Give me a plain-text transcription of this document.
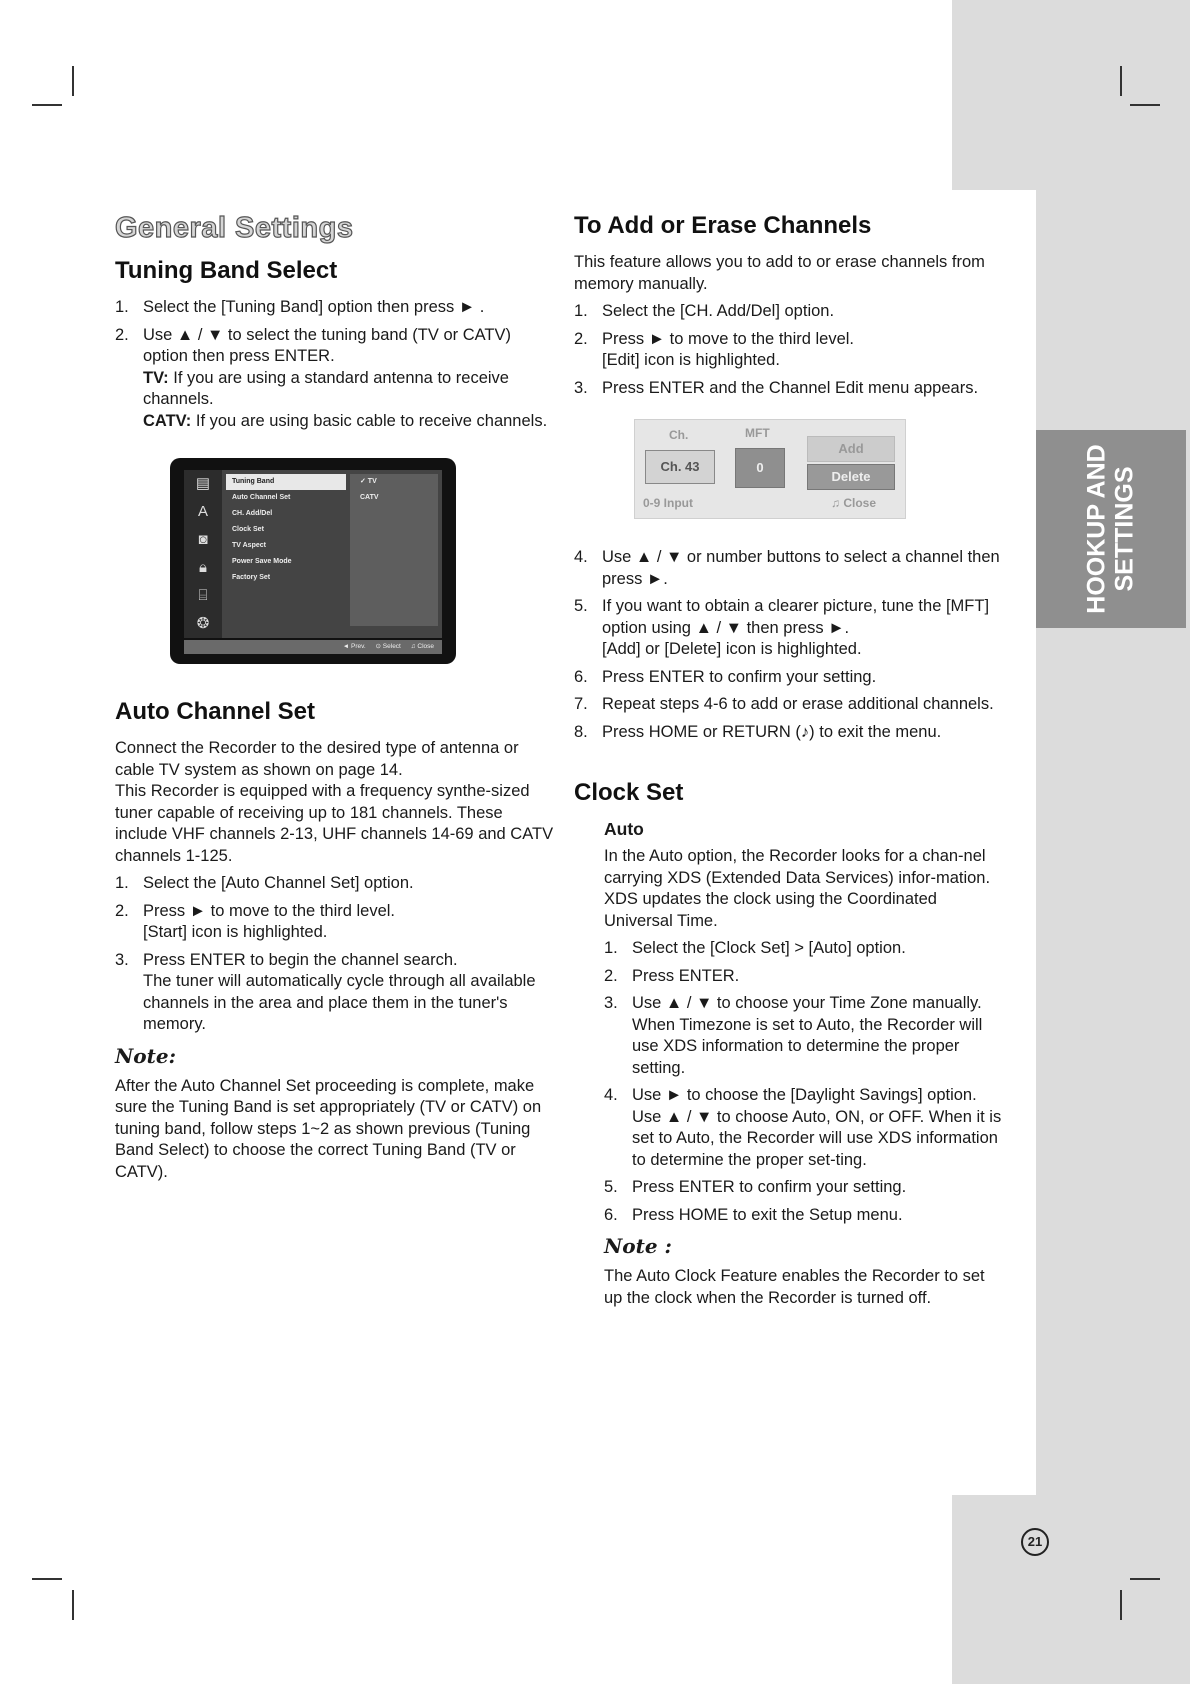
HOOKUP AND SETTINGS
General Settings
Tuning Band Select
1. Select the [Tuning Band] option then press ► .
2. Use ▲ / ▼ to select the tuning band (TV or CATV) option then press ENTER.
TV: If you are using a standard antenna to receive channels.
CATV: If you are using basic cable to receive channels.
▤
A
◙
🔒︎
⌸
❂
Tuning Band
Auto Channel Set
CH. Add/Del
Clock Set
TV Aspect
Power Save Mode
Factory Set
✓ TV
CATV
◄ Prev. ⊙ Select ♫ Close
Auto Channel Set

Connect the Recorder to the desired type of antenna or cable TV system as shown on page 14.

This Recorder is equipped with a frequency synthe-sized tuner capable of receiving up to 181 channels. These include VHF channels 2-13, UHF channels 14-69 and CATV channels 1-125.

1. Select the [Auto Channel Set] option.
2. Press ► to move to the third level.
[Start] icon is highlighted.
3. Press ENTER to begin the channel search.
The tuner will automatically cycle through all available channels in the area and place them in the tuner's memory.
Note:

After the Auto Channel Set proceeding is complete, make sure the Tuning Band is set appropriately (TV or CATV) on tuning band, follow steps 1~2 as shown previous (Tuning Band Select) to choose the correct Tuning Band (TV or CATV).

To Add or Erase Channels

This feature allows you to add to or erase channels from memory manually.

1. Select the [CH. Add/Del] option.
2. Press ► to move to the third level.
[Edit] icon is highlighted.
3. Press ENTER and the Channel Edit menu appears.
Ch.
Ch. 43
MFT
0
Add
Delete
0-9 Input	♫ Close
4. Use ▲ / ▼ or number buttons to select a channel then press ►.
5. If you want to obtain a clearer picture, tune the [MFT] option using ▲ / ▼ then press ►.
[Add] or [Delete] icon is highlighted.
6. Press ENTER to confirm your setting.
7. Repeat steps 4-6 to add or erase additional channels.
8. Press HOME or RETURN (♪) to exit the menu.
Clock Set
Auto

In the Auto option, the Recorder looks for a chan-nel carrying XDS (Extended Data Services) infor-mation. XDS updates the clock using the Coordinated Universal Time.

1. Select the [Clock Set] > [Auto] option.
2. Press ENTER.
3. Use ▲ / ▼ to choose your Time Zone manually. When Timezone is set to Auto, the Recorder will use XDS information to determine the proper setting.
4. Use ► to choose the [Daylight Savings] option.
Use ▲ / ▼ to choose Auto, ON, or OFF. When it is set to Auto, the Recorder will use XDS information to determine the proper set-ting.
5. Press ENTER to confirm your setting.
6. Press HOME to exit the Setup menu.
Note :

The Auto Clock Feature enables the Recorder to set up the clock when the Recorder is turned off.

21
